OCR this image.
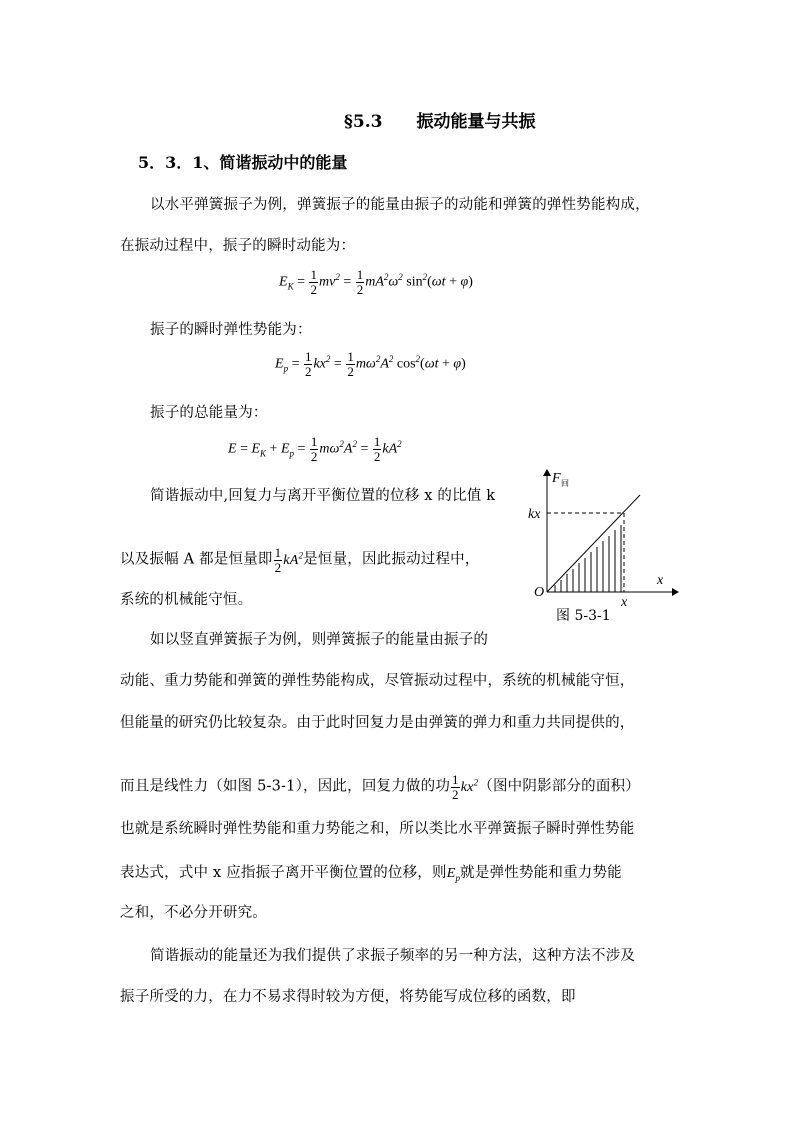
§5.3　　振动能量与共振
5．3．1、简谐振动中的能量
以水平弹簧振子为例，弹簧振子的能量由振子的动能和弹簧的弹性势能构成，
在振动过程中，振子的瞬时动能为：
$E_K = \frac{1}{2} mv^2 = \frac{1}{2} mA^2\omega^2$ $\sin^2(\omega t + \varphi)$
振子的瞬时弹性势能为：
$E_p = \frac{1}{2} kx^2 = \frac{1}{2} m\omega^2A^2$ $\cos^2(\omega t + \varphi)$
振子的总能量为：
$E = E_K + E_p = \frac{1}{2} m\omega^2A^2 = \frac{1}{2} kA^2$
简谐振动中,回复力与离开平衡位置的位移 x 的比值 k
以及振幅 A 都是恒量即 $\frac{1}{2} kA^2$是恒量，因此振动过程中，
系统的机械能守恒。
F 回
x
O
x
kx
图 5-3-1
如以竖直弹簧振子为例，则弹簧振子的能量由振子的
动能、重力势能和弹簧的弹性势能构成，尽管振动过程中，系统的机械能守恒，
但能量的研究仍比较复杂。由于此时回复力是由弹簧的弹力和重力共同提供的，
而且是线性力（如图 5-3-1），因此，回复力做的功 $\frac{1}{2} kx^2$（图中阴影部分的面积）
也就是系统瞬时弹性势能和重力势能之和，所以类比水平弹簧振子瞬时弹性势能
表达式，式中 x 应指振子离开平衡位置的位移，则$E_p$就是弹性势能和重力势能
之和，不必分开研究。
简谐振动的能量还为我们提供了求振子频率的另一种方法，这种方法不涉及
振子所受的力，在力不易求得时较为方便，将势能写成位移的函数，即
